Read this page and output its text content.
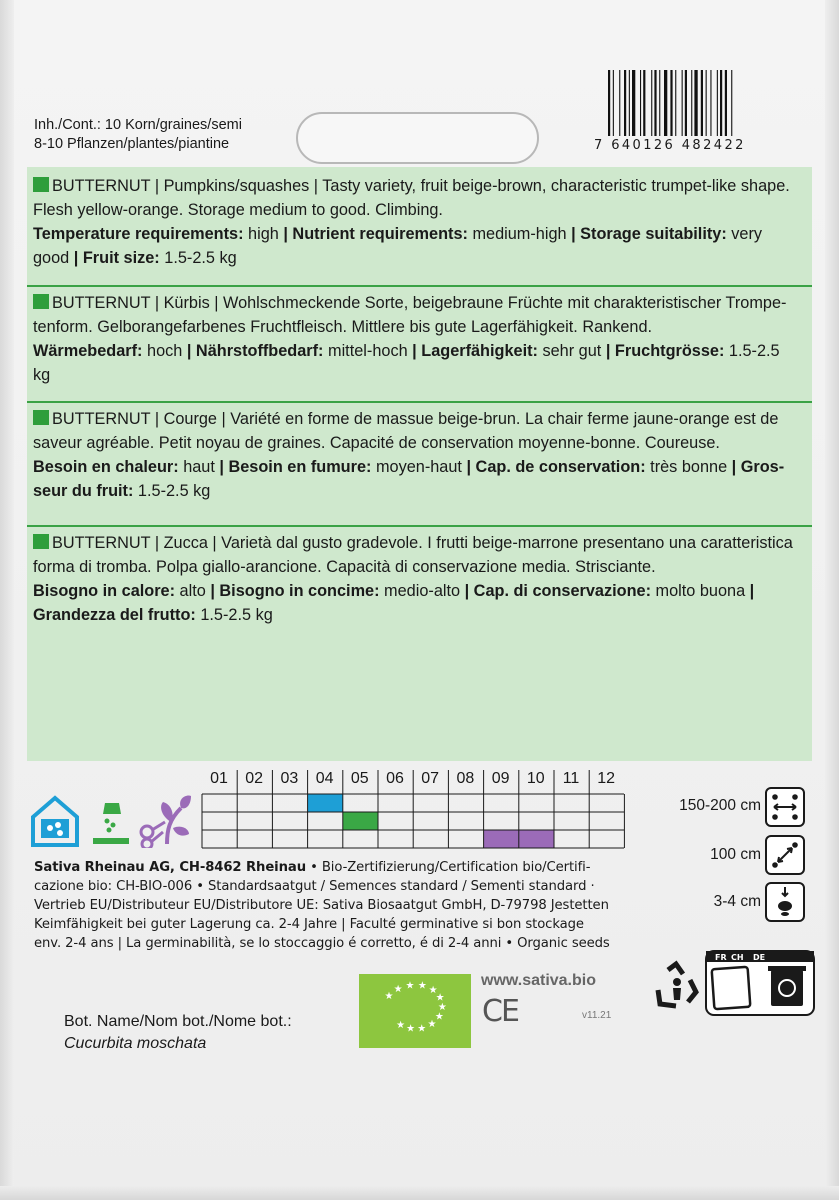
Inh./Cont.: 10 Korn/graines/semi
8-10 Pflanzen/plantes/piantine	7 640126 482422
BUTTERNUT | Pumpkins/squashes | Tasty variety, fruit beige-brown, characteristic trumpet-like shape.
Flesh yellow-orange. Storage medium to good. Climbing.
Temperature requirements: high | Nutrient requirements: medium-high | Storage suitability: very
good | Fruit size: 1.5-2.5 kg
BUTTERNUT | Kürbis | Wohlschmeckende Sorte, beigebraune Früchte mit charakteristischer Trompe-
tenform. Gelborangefarbenes Fruchtfleisch. Mittlere bis gute Lagerfähigkeit. Rankend.
Wärmebedarf: hoch | Nährstoffbedarf: mittel-hoch | Lagerfähigkeit: sehr gut | Fruchtgrösse: 1.5-2.5
kg
BUTTERNUT | Courge | Variété en forme de massue beige-brun. La chair ferme jaune-orange est de
saveur agréable. Petit noyau de graines. Capacité de conservation moyenne-bonne. Coureuse.
Besoin en chaleur: haut | Besoin en fumure: moyen-haut | Cap. de conservation: très bonne | Gros-
seur du fruit: 1.5-2.5 kg
BUTTERNUT | Zucca | Varietà dal gusto gradevole. I frutti beige-marrone presentano una caratteristica
forma di tromba. Polpa giallo-arancione. Capacità di conservazione media. Strisciante.
Bisogno in calore: alto | Bisogno in concime: medio-alto | Cap. di conservazione: molto buona |
Grandezza del frutto: 1.5-2.5 kg
01	02	03	04	05	06	07	08	09	10	11	12
Sativa Rheinau AG, CH-8462 Rheinau • Bio-Zertifizierung/Certification bio/Certifi-
cazione bio: CH-BIO-006 • Standardsaatgut / Semences standard / Sementi standard ·
Vertrieb EU/Distributeur EU/Distributore UE: Sativa Biosaatgut GmbH, D-79798 Jestetten
Keimfähigkeit bei guter Lagerung ca. 2-4 Jahre | Faculté germinative si bon stockage
env. 2-4 ans | La germinabilità, se lo stoccaggio é corretto, é di 2-4 anni • Organic seeds
150-200 cm
100 cm
3-4 cm
FR CH DE
★
★ ★ ★ ★
★
★
★
★
★
★
★
www.sativa.bio
CE	v11.21
Bot. Name/Nom bot./Nome bot.:
Cucurbita moschata
